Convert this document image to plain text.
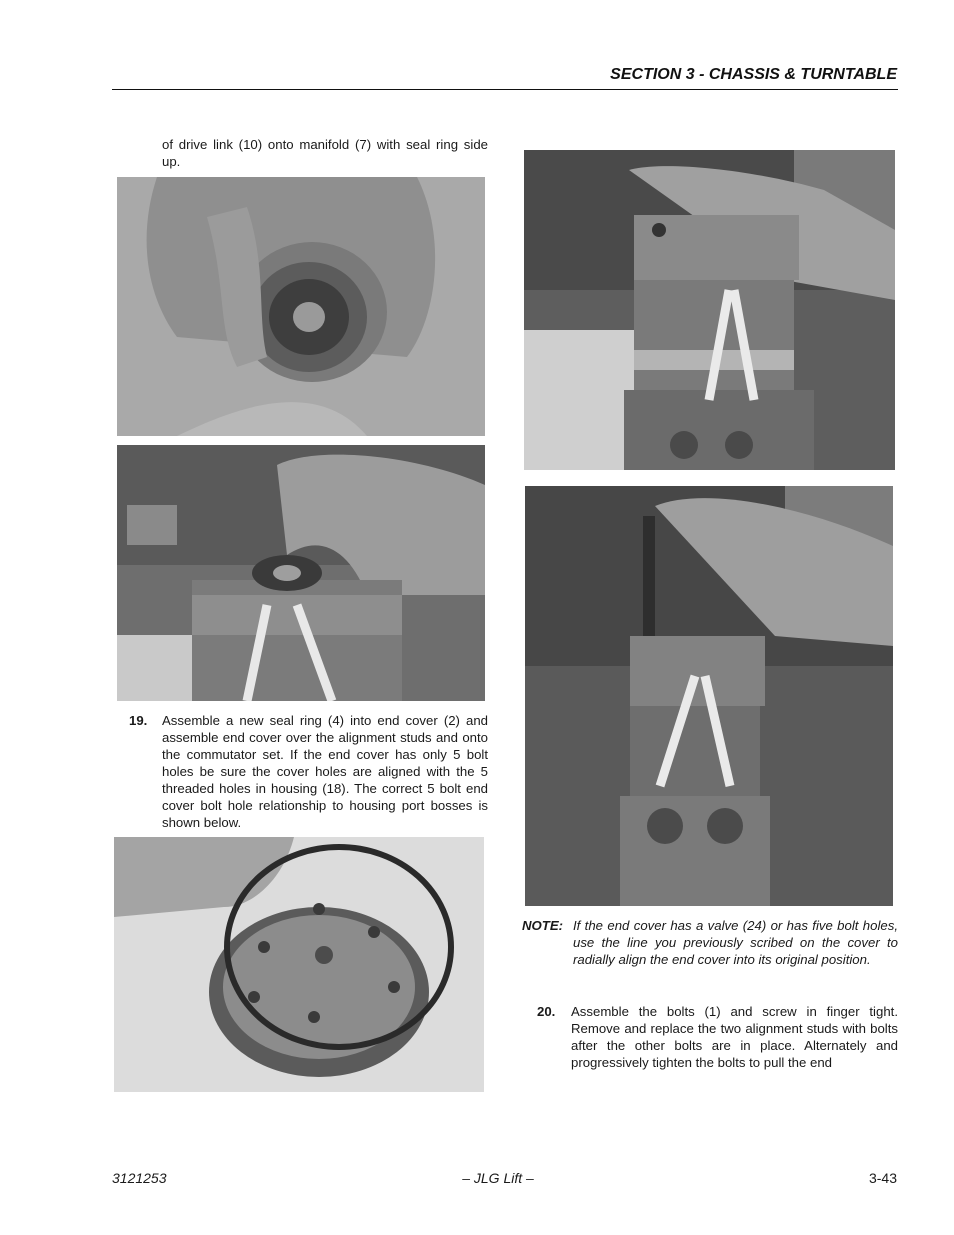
SECTION 3 - CHASSIS & TURNTABLE
of drive link (10) onto manifold (7) with seal ring side up.
19. Assemble a new seal ring (4) into end cover (2) and assemble end cover over the alignment studs and onto the commutator set. If the end cover has only 5 bolt holes be sure the cover holes are aligned with the 5 threaded holes in housing (18). The correct 5 bolt end cover bolt hole relationship to housing port bosses is shown below.
NOTE: If the end cover has a valve (24) or has five bolt holes, use the line you previously scribed on the cover to radially align the end cover into its original position.
20. Assemble the bolts (1) and screw in finger tight. Remove and replace the two alignment studs with bolts after the other bolts are in place. Alternately and progressively tighten the bolts to pull the end
3121253	– JLG Lift –	3-43
